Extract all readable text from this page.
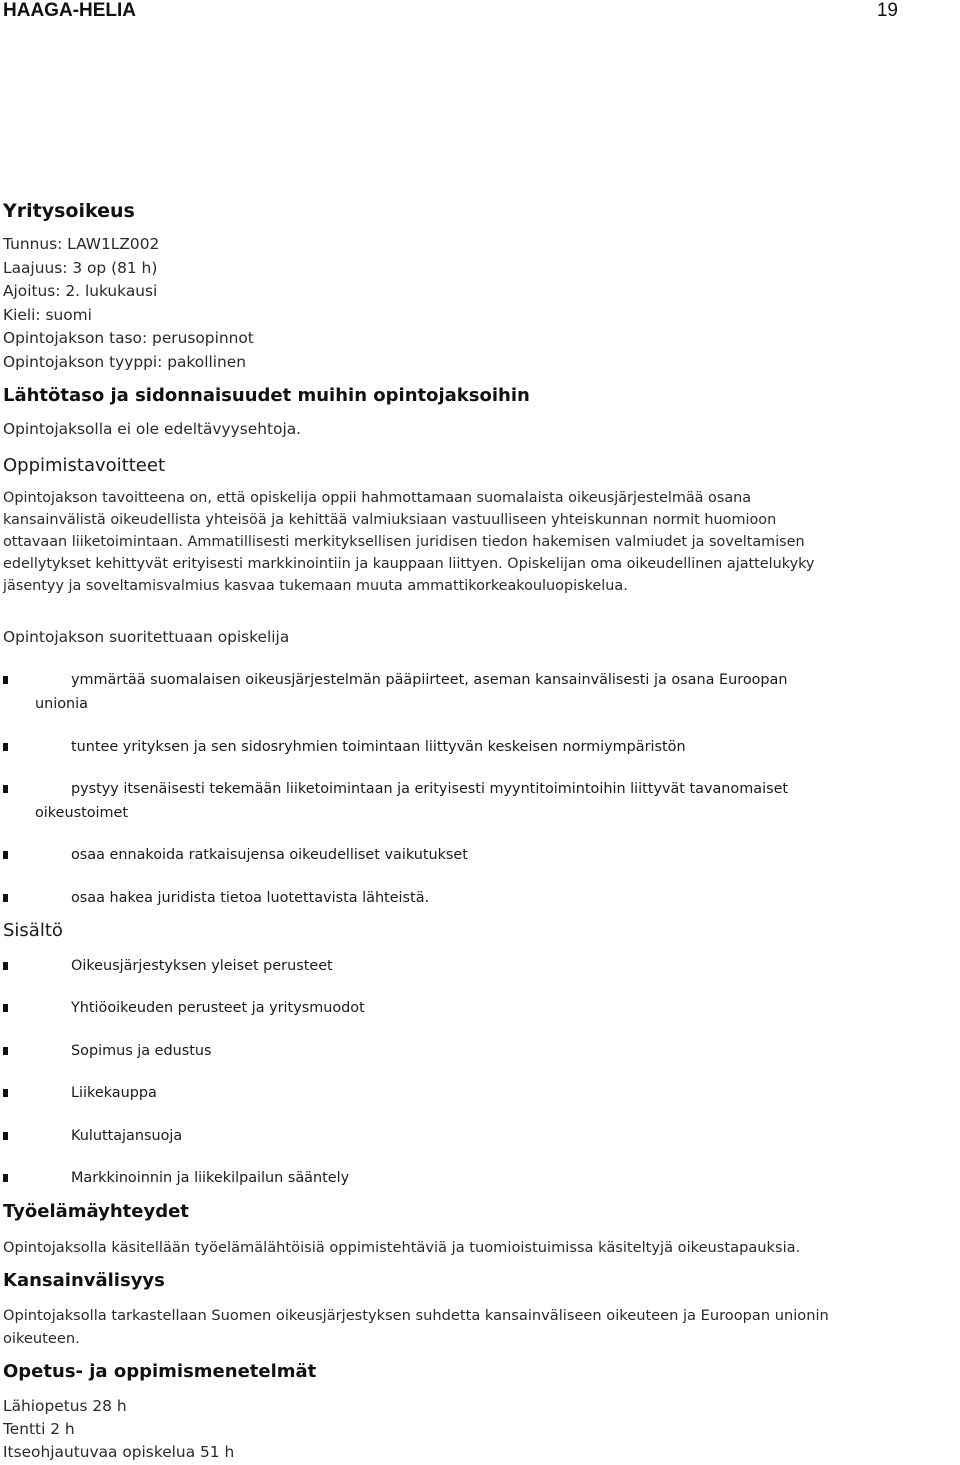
HAAGA-HELIA	19
Yritysoikeus
Tunnus: LAW1LZ002
Laajuus: 3 op (81 h)
Ajoitus: 2. lukukausi
Kieli: suomi
Opintojakson taso: perusopinnot
Opintojakson tyyppi: pakollinen
Lähtötaso ja sidonnaisuudet muihin opintojaksoihin
Opintojaksolla ei ole edeltävyysehtoja.
Oppimistavoitteet
Opintojakson tavoitteena on, että opiskelija oppii hahmottamaan suomalaista oikeusjärjestelmää osana
kansainvälistä oikeudellista yhteisöä ja kehittää valmiuksiaan vastuulliseen yhteiskunnan normit huomioon
ottavaan liiketoimintaan. Ammatillisesti merkityksellisen juridisen tiedon hakemisen valmiudet ja soveltamisen
edellytykset kehittyvät erityisesti markkinointiin ja kauppaan liittyen. Opiskelijan oma oikeudellinen ajattelukyky
jäsentyy ja soveltamisvalmius kasvaa tukemaan muuta ammattikorkeakouluopiskelua.
Opintojakson suoritettuaan opiskelija
ymmärtää suomalaisen oikeusjärjestelmän pääpiirteet, aseman kansainvälisesti ja osana Euroopan
unionia
tuntee yrityksen ja sen sidosryhmien toimintaan liittyvän keskeisen normiympäristön
pystyy itsenäisesti tekemään liiketoimintaan ja erityisesti myyntitoimintoihin liittyvät tavanomaiset
oikeustoimet
osaa ennakoida ratkaisujensa oikeudelliset vaikutukset
osaa hakea juridista tietoa luotettavista lähteistä.
Sisältö
Oikeusjärjestyksen yleiset perusteet
Yhtiöoikeuden perusteet ja yritysmuodot
Sopimus ja edustus
Liikekauppa
Kuluttajansuoja
Markkinoinnin ja liikekilpailun sääntely
Työelämäyhteydet
Opintojaksolla käsitellään työelämälähtöisiä oppimistehtäviä ja tuomioistuimissa käsiteltyjä oikeustapauksia.
Kansainvälisyys
Opintojaksolla tarkastellaan Suomen oikeusjärjestyksen suhdetta kansainväliseen oikeuteen ja Euroopan unionin
oikeuteen.
Opetus- ja oppimismenetelmät
Lähiopetus 28 h
Tentti 2 h
Itseohjautuvaa opiskelua 51 h
